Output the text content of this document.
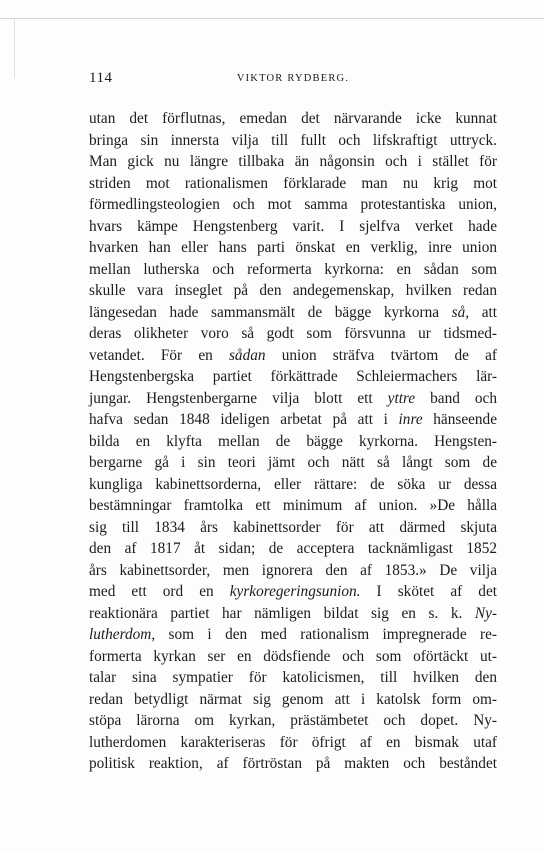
114	VIKTOR RYDBERG.
utan det förflutnas, emedan det närvarande icke kunnat
bringa sin innersta vilja till fullt och lifskraftigt uttryck.
Man gick nu längre tillbaka än någonsin och i stället för
striden mot rationalismen förklarade man nu krig mot
förmedlingsteologien och mot samma protestantiska union,
hvars kämpe Hengstenberg varit. I sjelfva verket hade
hvarken han eller hans parti önskat en verklig, inre union
mellan lutherska och reformerta kyrkorna: en sådan som
skulle vara inseglet på den andegemenskap, hvilken redan
längesedan hade sammansmält de bägge kyrkorna så, att
deras olikheter voro så godt som försvunna ur tidsmed-
vetandet. För en sådan union sträfva tvärtom de af
Hengstenbergska partiet förkättrade Schleiermachers lär-
jungar. Hengstenbergarne vilja blott ett yttre band och
hafva sedan 1848 ideligen arbetat på att i inre hänseende
bilda en klyfta mellan de bägge kyrkorna. Hengsten-
bergarne gå i sin teori jämt och nätt så långt som de
kungliga kabinettsorderna, eller rättare: de söka ur dessa
bestämningar framtolka ett minimum af union. »De hålla
sig till 1834 års kabinettsorder för att därmed skjuta
den af 1817 åt sidan; de acceptera tacknämligast 1852
års kabinettsorder, men ignorera den af 1853.» De vilja
med ett ord en kyrkoregeringsunion. I skötet af det
reaktionära partiet har nämligen bildat sig en s. k. Ny-
lutherdom, som i den med rationalism impregnerade re-
formerta kyrkan ser en dödsfiende och som oförtäckt ut-
talar sina sympatier för katolicismen, till hvilken den
redan betydligt närmat sig genom att i katolsk form om-
stöpa lärorna om kyrkan, prästämbetet och dopet. Ny-
lutherdomen karakteriseras för öfrigt af en bismak utaf
politisk reaktion, af förtröstan på makten och beståndet
